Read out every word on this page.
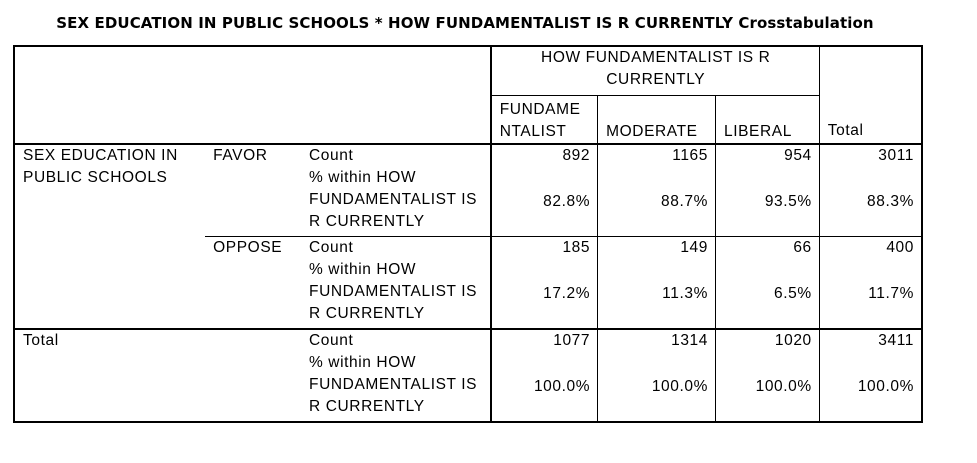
SEX EDUCATION IN PUBLIC SCHOOLS * HOW FUNDAMENTALIST IS R CURRENTLY Crosstabulation
			HOW FUNDAMENTALIST IS R CURRENTLY			Total

			FUNDAME NTALIST	MODERATE	LIBERAL	
SEX EDUCATION IN PUBLIC SCHOOLS	FAVOR	Count	892	1165	954	3011
		% within HOW FUNDAMENTALIST IS R CURRENTLY	82.8%	88.7%	93.5%	88.3%
	OPPOSE	Count	185	149	66	400
		% within HOW FUNDAMENTALIST IS R CURRENTLY	17.2%	11.3%	6.5%	11.7%
Total		Count	1077	1314	1020	3411
		% within HOW FUNDAMENTALIST IS R CURRENTLY	100.0%	100.0%	100.0%	100.0%
